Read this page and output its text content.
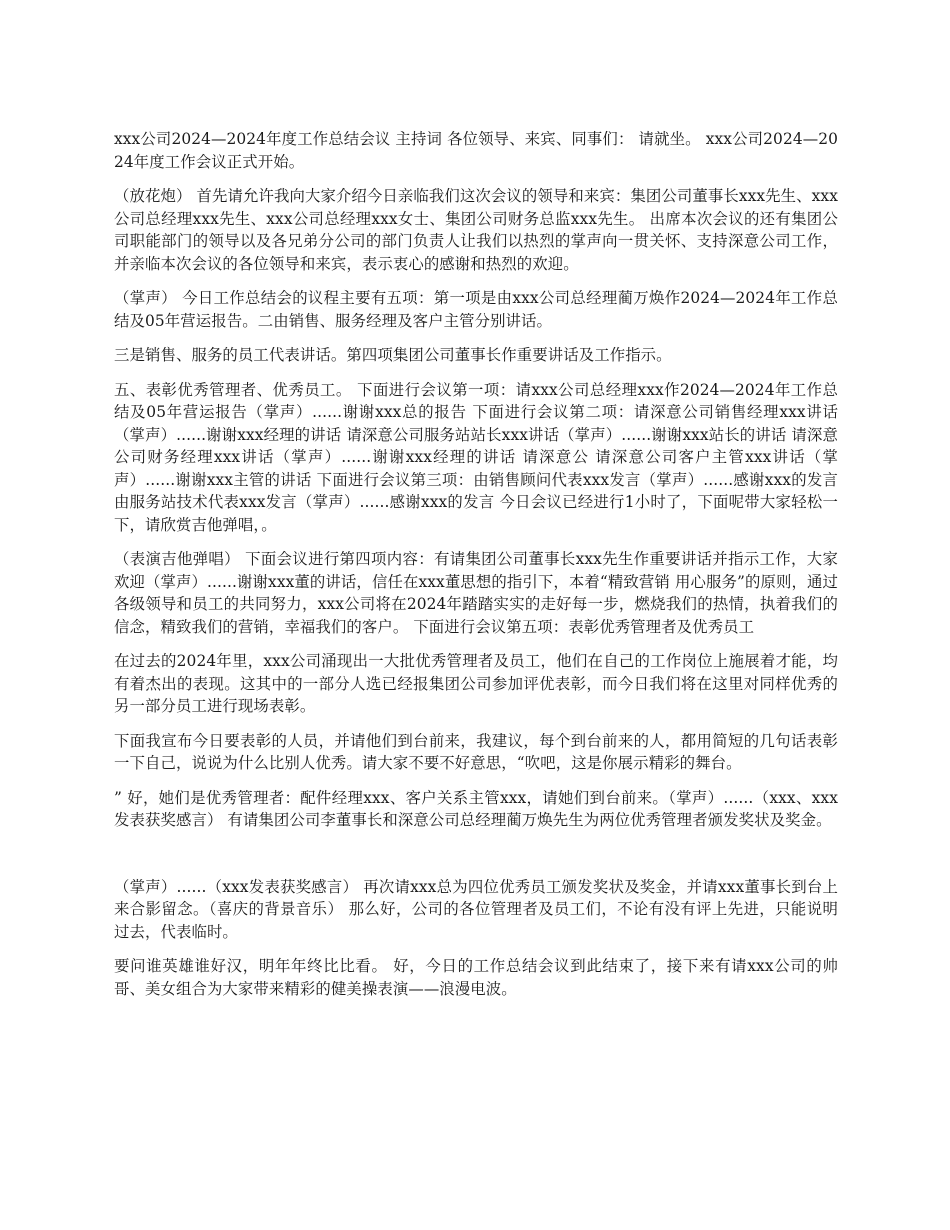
xxx公司2024—2024年度工作总结会议 主持词 各位领导、来宾、同事们： 请就坐。 xxx公司2024—2024年度工作会议正式开始。

（放花炮） 首先请允许我向大家介绍今日亲临我们这次会议的领导和来宾：集团公司董事长xxx先生、xxx公司总经理xxx先生、xxx公司总经理xxx女士、集团公司财务总监xxx先生。 出席本次会议的还有集团公司职能部门的领导以及各兄弟分公司的部门负责人让我们以热烈的掌声向一贯关怀、支持深意公司工作，并亲临本次会议的各位领导和来宾，表示衷心的感谢和热烈的欢迎。

（掌声） 今日工作总结会的议程主要有五项：第一项是由xxx公司总经理蔺万焕作2024—2024年工作总结及05年营运报告。二由销售、服务经理及客户主管分别讲话。

三是销售、服务的员工代表讲话。第四项集团公司董事长作重要讲话及工作指示。

五、表彰优秀管理者、优秀员工。 下面进行会议第一项：请xxx公司总经理xxx作2024—2024年工作总结及05年营运报告（掌声）......谢谢xxx总的报告 下面进行会议第二项：请深意公司销售经理xxx讲话（掌声）......谢谢xxx经理的讲话 请深意公司服务站站长xxx讲话（掌声）......谢谢xxx站长的讲话 请深意公司财务经理xxx讲话（掌声）......谢谢xxx经理的讲话 请深意公 请深意公司客户主管xxx讲话（掌声）......谢谢xxx主管的讲话 下面进行会议第三项：由销售顾问代表xxx发言（掌声）......感谢xxx的发言 由服务站技术代表xxx发言（掌声）......感谢xxx的发言 今日会议已经进行1小时了，下面呢带大家轻松一下，请欣赏吉他弹唱，。

（表演吉他弹唱） 下面会议进行第四项内容：有请集团公司董事长xxx先生作重要讲话并指示工作，大家欢迎（掌声）......谢谢xxx董的讲话，信任在xxx董思想的指引下，本着“精致营销 用心服务”的原则，通过各级领导和员工的共同努力，xxx公司将在2024年踏踏实实的走好每一步，燃烧我们的热情，执着我们的信念，精致我们的营销，幸福我们的客户。 下面进行会议第五项：表彰优秀管理者及优秀员工

在过去的2024年里，xxx公司涌现出一大批优秀管理者及员工，他们在自己的工作岗位上施展着才能，均有着杰出的表现。这其中的一部分人选已经报集团公司参加评优表彰，而今日我们将在这里对同样优秀的另一部分员工进行现场表彰。

下面我宣布今日要表彰的人员，并请他们到台前来，我建议，每个到台前来的人，都用简短的几句话表彰一下自己，说说为什么比别人优秀。请大家不要不好意思，“吹吧，这是你展示精彩的舞台。

” 好，她们是优秀管理者：配件经理xxx、客户关系主管xxx，请她们到台前来。（掌声）......（xxx、xxx发表获奖感言） 有请集团公司李董事长和深意公司总经理蔺万焕先生为两位优秀管理者颁发奖状及奖金。

（掌声）......（xxx发表获奖感言） 再次请xxx总为四位优秀员工颁发奖状及奖金，并请xxx董事长到台上来合影留念。（喜庆的背景音乐） 那么好，公司的各位管理者及员工们，不论有没有评上先进，只能说明过去，代表临时。

要问谁英雄谁好汉，明年年终比比看。 好，今日的工作总结会议到此结束了，接下来有请xxx公司的帅哥、美女组合为大家带来精彩的健美操表演——浪漫电波。
